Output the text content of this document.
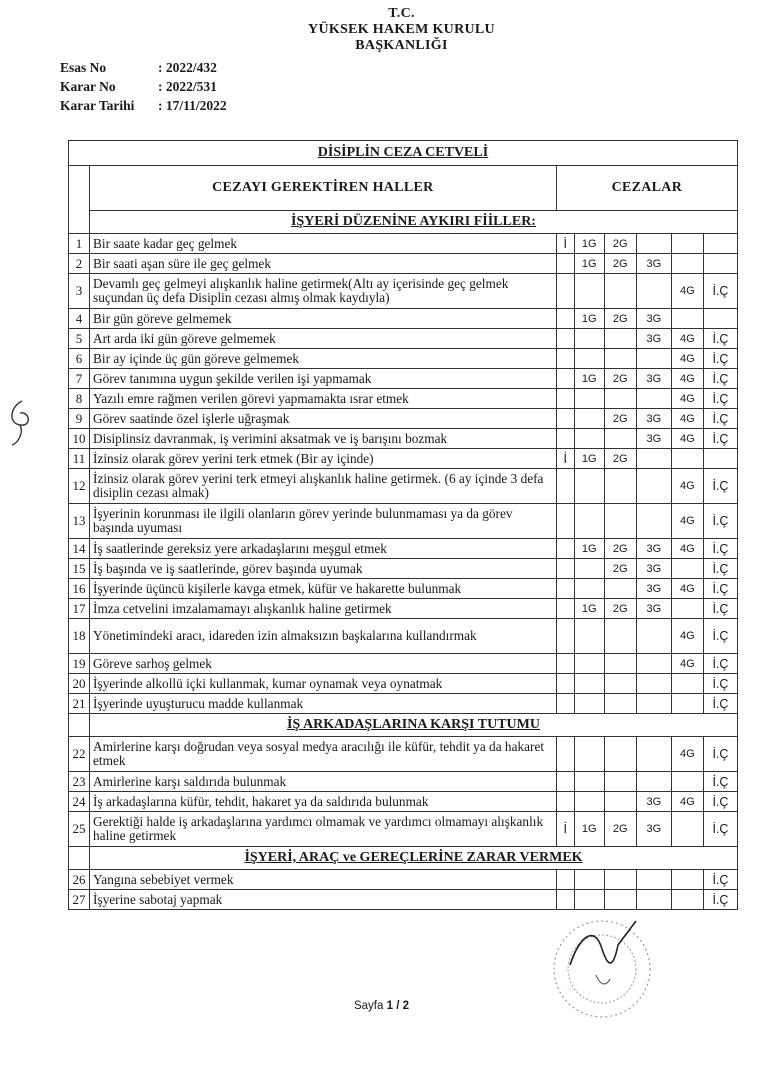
T.C.
YÜKSEK HAKEM KURULU
BAŞKANLIĞI
Esas No	: 2022/432
Karar No	: 2022/531
Karar Tarihi	: 17/11/2022
DİSİPLİN CEZA CETVELİ							
	CEZAYI GEREKTİREN HALLER	CEZALAR					
	İŞYERİ DÜZENİNE AYKIRI FİİLLER:						
1	Bir saate kadar geç gelmek	İ	1G	2G			
2	Bir saati aşan süre ile geç gelmek		1G	2G	3G		
3	Devamlı geç gelmeyi alışkanlık haline getirmek(Altı ay içerisinde geç gelmek suçundan üç defa Disiplin cezası almış olmak kaydıyla)					4G	İ.Ç
4	Bir gün göreve gelmemek		1G	2G	3G		
5	Art arda iki gün göreve gelmemek				3G	4G	İ.Ç
6	Bir ay içinde üç gün göreve gelmemek					4G	İ.Ç
7	Görev tanımına uygun şekilde verilen işi yapmamak		1G	2G	3G	4G	İ.Ç
8	Yazılı emre rağmen verilen görevi yapmamakta ısrar etmek					4G	İ.Ç
9	Görev saatinde özel işlerle uğraşmak			2G	3G	4G	İ.Ç
10	Disiplinsiz davranmak, iş verimini aksatmak ve iş barışını bozmak				3G	4G	İ.Ç
11	İzinsiz olarak görev yerini terk etmek (Bir ay içinde)	İ	1G	2G			
12	İzinsiz olarak görev yerini terk etmeyi alışkanlık haline getirmek. (6 ay içinde 3 defa disiplin cezası almak)					4G	İ.Ç
13	İşyerinin korunması ile ilgili olanların görev yerinde bulunmaması ya da görev başında uyuması					4G	İ.Ç
14	İş saatlerinde gereksiz yere arkadaşlarını meşgul etmek		1G	2G	3G	4G	İ.Ç
15	İş başında ve iş saatlerinde, görev başında uyumak			2G	3G		İ.Ç
16	İşyerinde üçüncü kişilerle kavga etmek, küfür ve hakarette bulunmak				3G	4G	İ.Ç
17	İmza cetvelini imzalamamayı alışkanlık haline getirmek		1G	2G	3G		İ.Ç
18	Yönetimindeki aracı, idareden izin almaksızın başkalarına kullandırmak					4G	İ.Ç
19	Göreve sarhoş gelmek					4G	İ.Ç
20	İşyerinde alkollü içki kullanmak, kumar oynamak veya oynatmak						İ.Ç
21	İşyerinde uyuşturucu madde kullanmak						İ.Ç
	İŞ ARKADAŞLARINA KARŞI TUTUMU						
22	Amirlerine karşı doğrudan veya sosyal medya aracılığı ile küfür, tehdit ya da hakaret etmek					4G	İ.Ç
23	Amirlerine karşı saldırıda bulunmak						İ.Ç
24	İş arkadaşlarına küfür, tehdit, hakaret ya da saldırıda bulunmak				3G	4G	İ.Ç
25	Gerektiği halde iş arkadaşlarına yardımcı olmamak ve yardımcı olmamayı alışkanlık haline getirmek	İ	1G	2G	3G		İ.Ç
	İŞYERİ, ARAÇ ve GEREÇLERİNE ZARAR VERMEK						
26	Yangına sebebiyet vermek						İ.Ç
27	İşyerine sabotaj yapmak						İ.Ç
Sayfa 1 / 2
